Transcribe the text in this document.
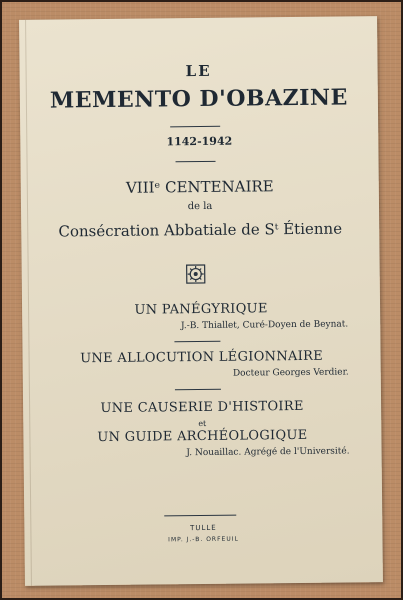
LE
MEMENTO D'OBAZINE
1142-1942
VIIIᵉ CENTENAIRE
de la
Consécration Abbatiale de Sᵗ Étienne
UN PANÉGYRIQUE
J.-B. Thiallet, Curé-Doyen de Beynat.
UNE ALLOCUTION LÉGIONNAIRE
Docteur Georges Verdier.
UNE CAUSERIE D'HISTOIRE
et
UN GUIDE ARCHÉOLOGIQUE
J. Nouaillac. Agrégé de l'Université.
TULLE
IMP. J.-B. ORFEUIL
